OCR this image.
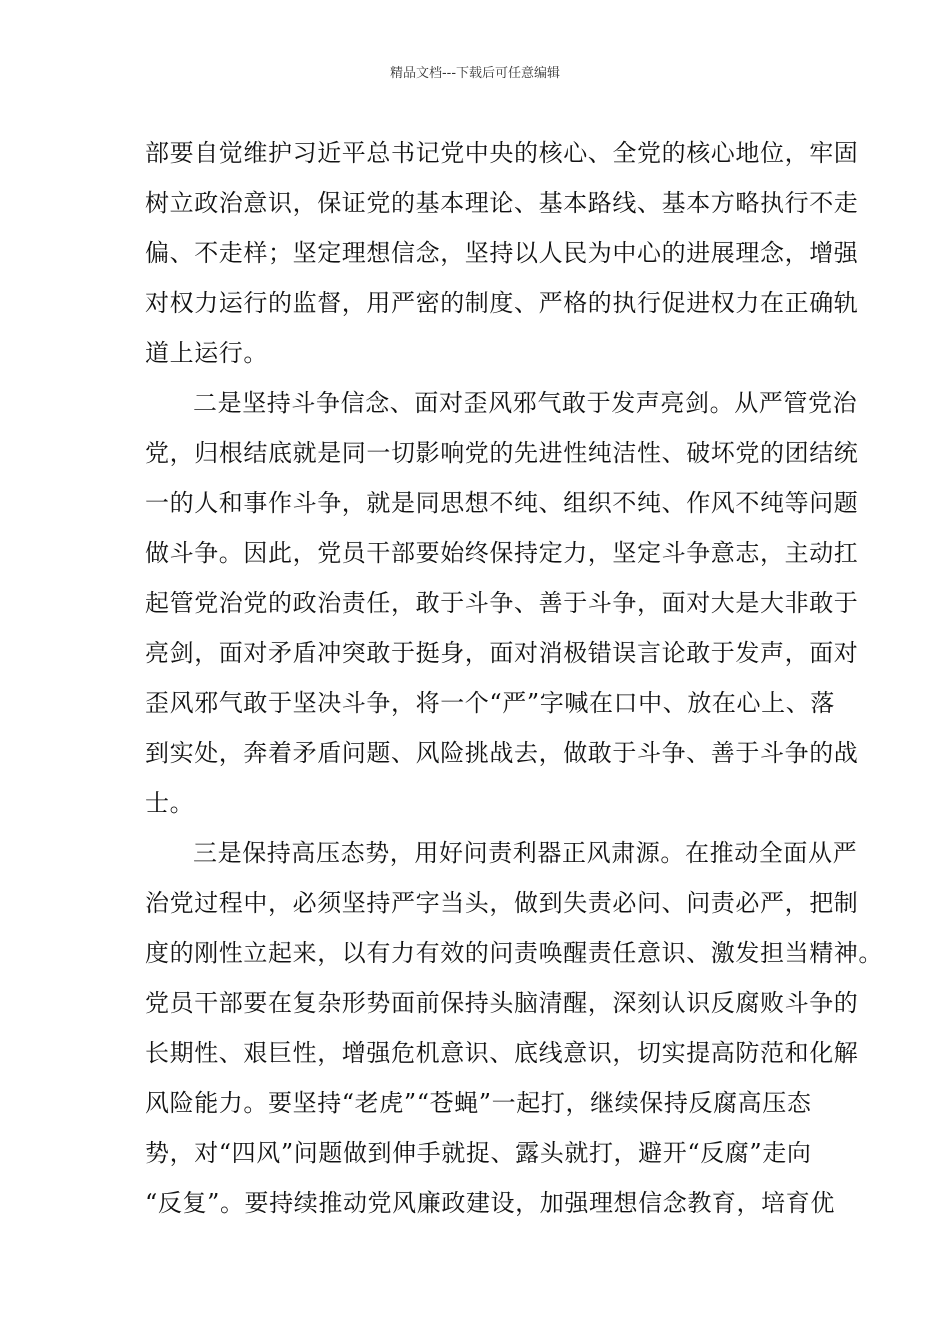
精品文档---下载后可任意编辑
部要自觉维护习近平总书记党中央的核心、全党的核心地位，牢固
树立政治意识，保证党的基本理论、基本路线、基本方略执行不走
偏、不走样；坚定理想信念，坚持以人民为中心的进展理念，增强
对权力运行的监督，用严密的制度、严格的执行促进权力在正确轨
道上运行。
二是坚持斗争信念、面对歪风邪气敢于发声亮剑。从严管党治
党，归根结底就是同一切影响党的先进性纯洁性、破坏党的团结统
一的人和事作斗争，就是同思想不纯、组织不纯、作风不纯等问题
做斗争。因此，党员干部要始终保持定力，坚定斗争意志，主动扛
起管党治党的政治责任，敢于斗争、善于斗争，面对大是大非敢于
亮剑，面对矛盾冲突敢于挺身，面对消极错误言论敢于发声，面对
歪风邪气敢于坚决斗争，将一个“严”字喊在口中、放在心上、落
到实处，奔着矛盾问题、风险挑战去，做敢于斗争、善于斗争的战
士。
三是保持高压态势，用好问责利器正风肃源。在推动全面从严
治党过程中，必须坚持严字当头，做到失责必问、问责必严，把制
度的刚性立起来，以有力有效的问责唤醒责任意识、激发担当精神。
党员干部要在复杂形势面前保持头脑清醒，深刻认识反腐败斗争的
长期性、艰巨性，增强危机意识、底线意识，切实提高防范和化解
风险能力。要坚持“老虎”“苍蝇”一起打，继续保持反腐高压态
势，对“四风”问题做到伸手就捉、露头就打，避开“反腐”走向
“反复”。要持续推动党风廉政建设，加强理想信念教育，培育优
